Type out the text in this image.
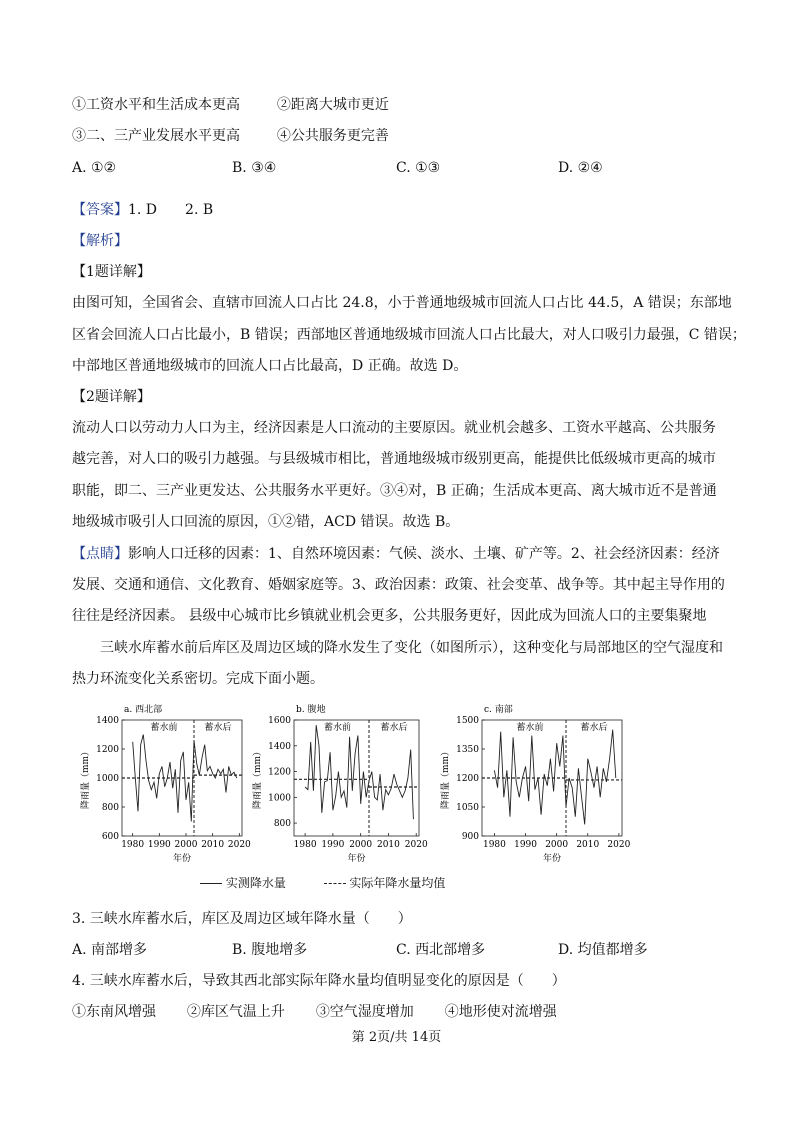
①工资水平和生活成本更高	②距离大城市更近
③二、三产业发展水平更高	④公共服务更完善
A. ①②	B. ③④	C. ①③	D. ②④
【答案】1. D　　2. B
【解析】
【1题详解】
由图可知，全国省会、直辖市回流人口占比 24.8，小于普通地级城市回流人口占比 44.5，A 错误；东部地
区省会回流人口占比最小，B 错误；西部地区普通地级城市回流人口占比最大，对人口吸引力最强，C 错误；
中部地区普通地级城市的回流人口占比最高，D 正确。故选 D。
【2题详解】
流动人口以劳动力人口为主，经济因素是人口流动的主要原因。就业机会越多、工资水平越高、公共服务
越完善，对人口的吸引力越强。与县级城市相比，普通地级城市级别更高，能提供比低级城市更高的城市
职能，即二、三产业更发达、公共服务水平更好。③④对，B 正确；生活成本更高、离大城市近不是普通
地级城市吸引人口回流的原因，①②错，ACD 错误。故选 B。
【点睛】影响人口迁移的因素：1、自然环境因素：气候、淡水、土壤、矿产等。2、社会经济因素：经济
发展、交通和通信、文化教育、婚姻家庭等。3、政治因素：政策、社会变革、战争等。其中起主导作用的
往往是经济因素。 县级中心城市比乡镇就业机会更多，公共服务更好，因此成为回流人口的主要集聚地
三峡水库蓄水前后库区及周边区域的降水发生了变化（如图所示），这种变化与局部地区的空气湿度和
热力环流变化关系密切。完成下面小题。
a. 西北部
600
800
1000
1200
1400
1980 1990 2000 2010 2020
年份
降雨量（mm）
蓄水前	蓄水后
b. 腹地
800
1000
1200
1400
1600
1980 1990 2000 2010 2020
年份
降雨量（mm）
蓄水前	蓄水后
c. 南部
900
1050
1200
1350
1500
1980 1990 2000 2010 2020
年份
降雨量（mm）
蓄水前	蓄水后
实测降水量	实际年降水量均值
3. 三峡水库蓄水后，库区及周边区域年降水量（　　）
A. 南部增多	B. 腹地增多	C. 西北部增多	D. 均值都增多
4. 三峡水库蓄水后，导致其西北部实际年降水量均值明显变化的原因是（　　）
①东南风增强 ②库区气温上升 ③空气湿度增加 ④地形使对流增强
第 2页/共 14页
